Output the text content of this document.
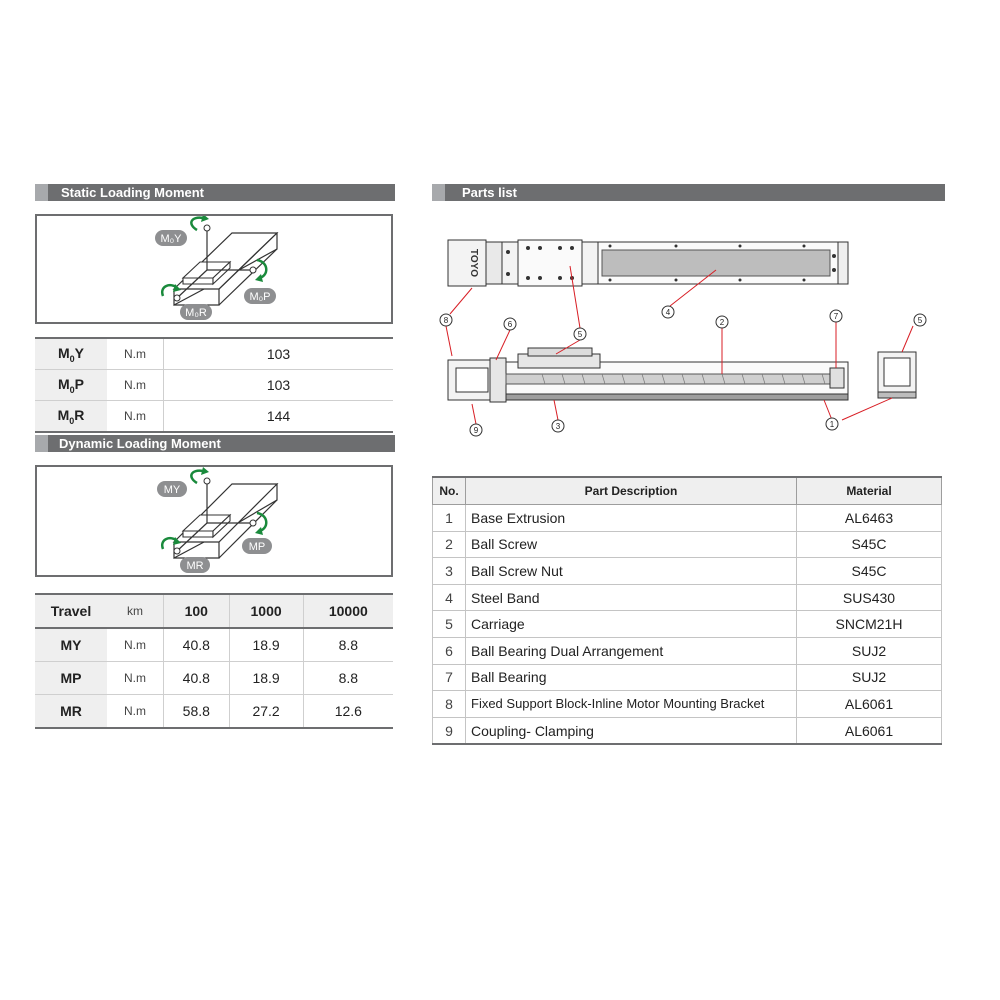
Static Loading Moment
M₀Y
M₀P
M₀R
$M_0Y$	N.m	103
$M_0P$	N.m	103
$M_0R$	N.m	144
Dynamic Loading Moment
MY
MP
MR
Travel	km	100	1000	10000
MY	N.m	40.8	18.9	8.8
MP	N.m	40.8	18.9	8.8
MR	N.m	58.8	27.2	12.6
Parts list
TOYO
1
2
3
4
5
5
6
7
8
9
No.	Part Description	Material
1	Base Extrusion	AL6463
2	Ball Screw	S45C
3	Ball Screw Nut	S45C
4	Steel Band	SUS430
5	Carriage	SNCM21H
6	Ball Bearing Dual Arrangement	SUJ2
7	Ball Bearing	SUJ2
8	Fixed Support Block-Inline Motor Mounting Bracket	AL6061
9	Coupling- Clamping	AL6061
